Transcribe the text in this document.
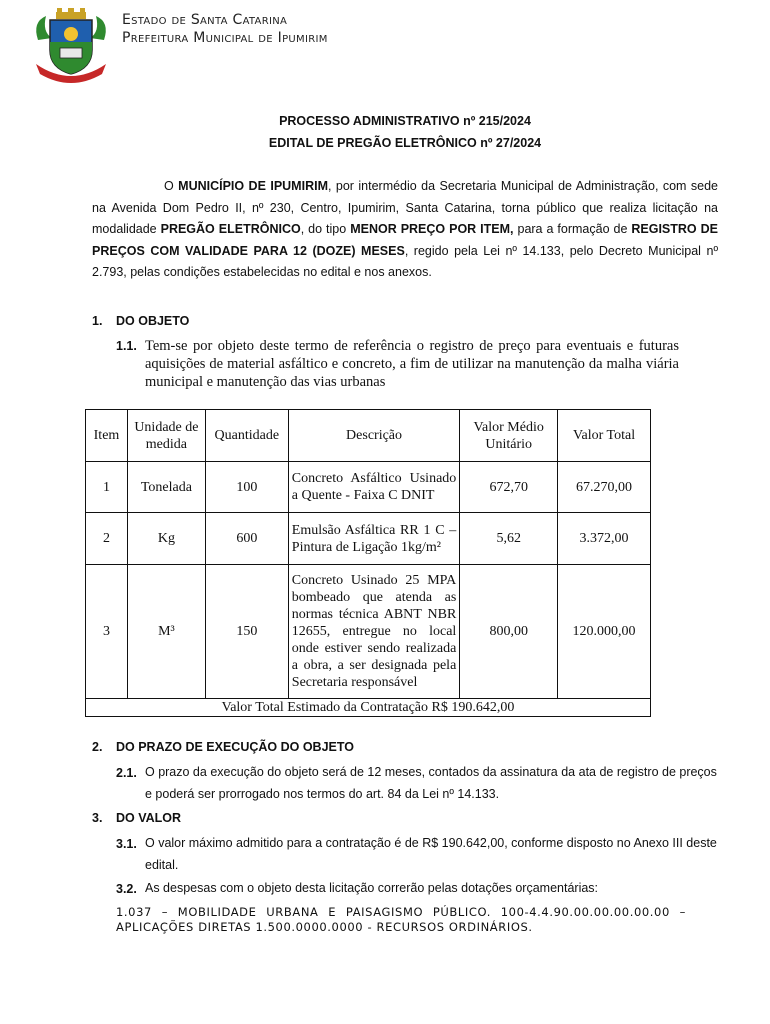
Estado de Santa Catarina
Prefeitura Municipal de Ipumirim
PROCESSO ADMINISTRATIVO nº 215/2024
EDITAL DE PREGÃO ELETRÔNICO nº 27/2024
O MUNICÍPIO DE IPUMIRIM, por intermédio da Secretaria Municipal de Administração, com sede na Avenida Dom Pedro II, nº 230, Centro, Ipumirim, Santa Catarina, torna público que realiza licitação na modalidade PREGÃO ELETRÔNICO, do tipo MENOR PREÇO POR ITEM, para a formação de REGISTRO DE PREÇOS COM VALIDADE PARA 12 (DOZE) MESES, regido pela Lei nº 14.133, pelo Decreto Municipal nº 2.793, pelas condições estabelecidas no edital e nos anexos.
1. DO OBJETO
1.1. Tem-se por objeto deste termo de referência o registro de preço para eventuais e futuras aquisições de material asfáltico e concreto, a fim de utilizar na manutenção da malha viária municipal e manutenção das vias urbanas
Item	Unidade de medida	Quantidade	Descrição	Valor Médio Unitário	Valor Total
1	Tonelada	100	Concreto Asfáltico Usinado a Quente - Faixa C DNIT	672,70	67.270,00
2	Kg	600	Emulsão Asfáltica RR 1 C – Pintura de Ligação 1kg/m²	5,62	3.372,00
3	M³	150	Concreto Usinado 25 MPA bombeado que atenda as normas técnica ABNT NBR 12655, entregue no local onde estiver sendo realizada a obra, a ser designada pela Secretaria responsável	800,00	120.000,00
Valor Total Estimado da Contratação R$ 190.642,00					
2. DO PRAZO DE EXECUÇÃO DO OBJETO
2.1. O prazo da execução do objeto será de 12 meses, contados da assinatura da ata de registro de preços e poderá ser prorrogado nos termos do art. 84 da Lei nº 14.133.
3. DO VALOR
3.1. O valor máximo admitido para a contratação é de R$ 190.642,00, conforme disposto no Anexo III deste edital.
3.2. As despesas com o objeto desta licitação correrão pelas dotações orçamentárias:
1.037 – MOBILIDADE URBANA E PAISAGISMO PÚBLICO. 100-4.4.90.00.00.00.00.00 – APLICAÇÕES DIRETAS 1.500.0000.0000 - RECURSOS ORDINÁRIOS.
